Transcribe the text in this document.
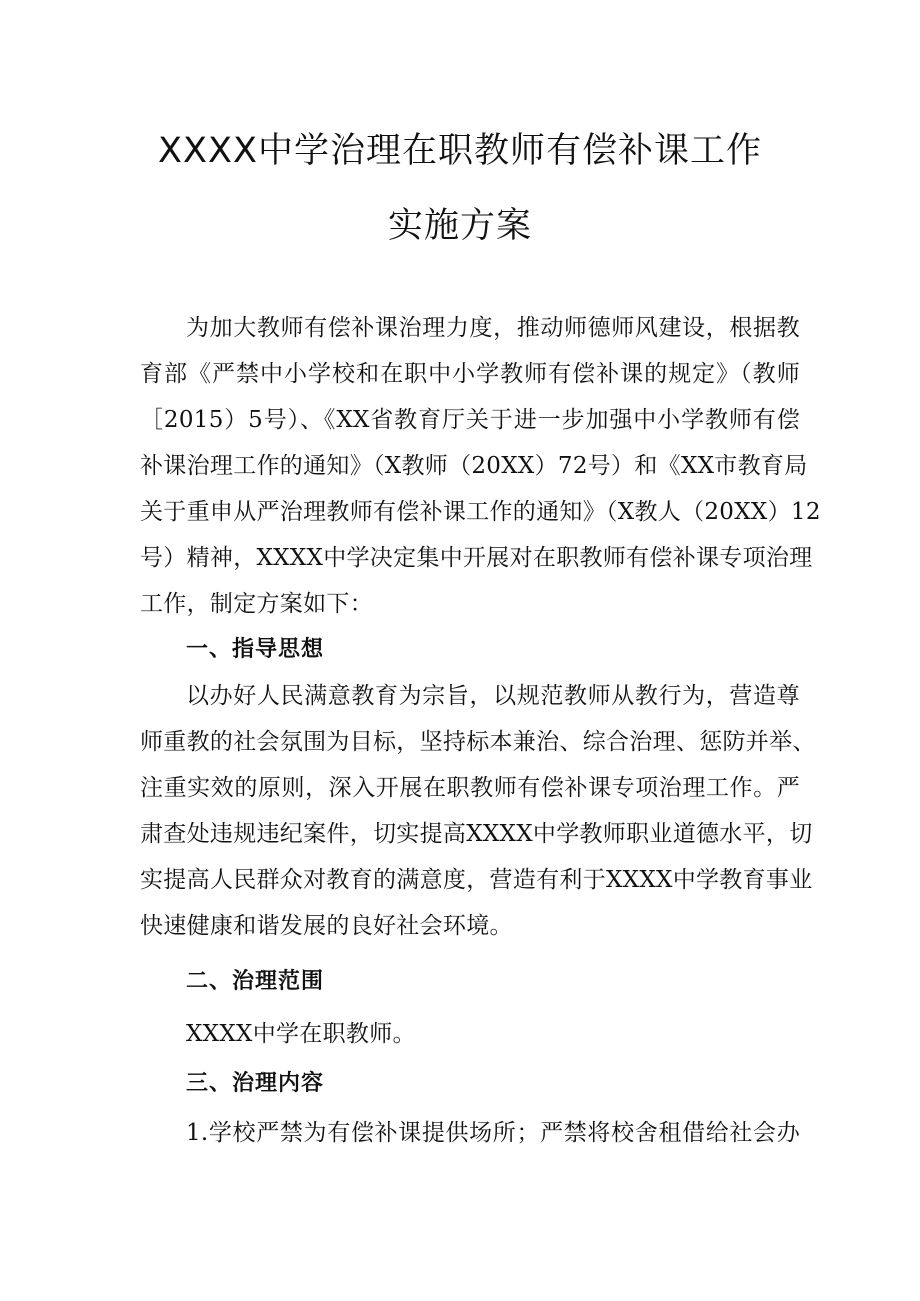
XXXX中学治理在职教师有偿补课工作
实施方案
为加大教师有偿补课治理力度，推动师德师风建设，根据教
育部《严禁中小学校和在职中小学教师有偿补课的规定》（教师
［2015）5号）、《XX省教育厅关于进一步加强中小学教师有偿
补课治理工作的通知》（X教师（20XX）72号）和《XX市教育局
关于重申从严治理教师有偿补课工作的通知》（X教人（20XX）12
号）精神，XXXX中学决定集中开展对在职教师有偿补课专项治理
工作，制定方案如下：
一、指导思想
以办好人民满意教育为宗旨，以规范教师从教行为，营造尊
师重教的社会氛围为目标，坚持标本兼治、综合治理、惩防并举、
注重实效的原则，深入开展在职教师有偿补课专项治理工作。严
肃查处违规违纪案件，切实提高XXXX中学教师职业道德水平，切
实提高人民群众对教育的满意度，营造有利于XXXX中学教育事业
快速健康和谐发展的良好社会环境。
二、治理范围
XXXX中学在职教师。
三、治理内容
1.学校严禁为有偿补课提供场所；严禁将校舍租借给社会办
